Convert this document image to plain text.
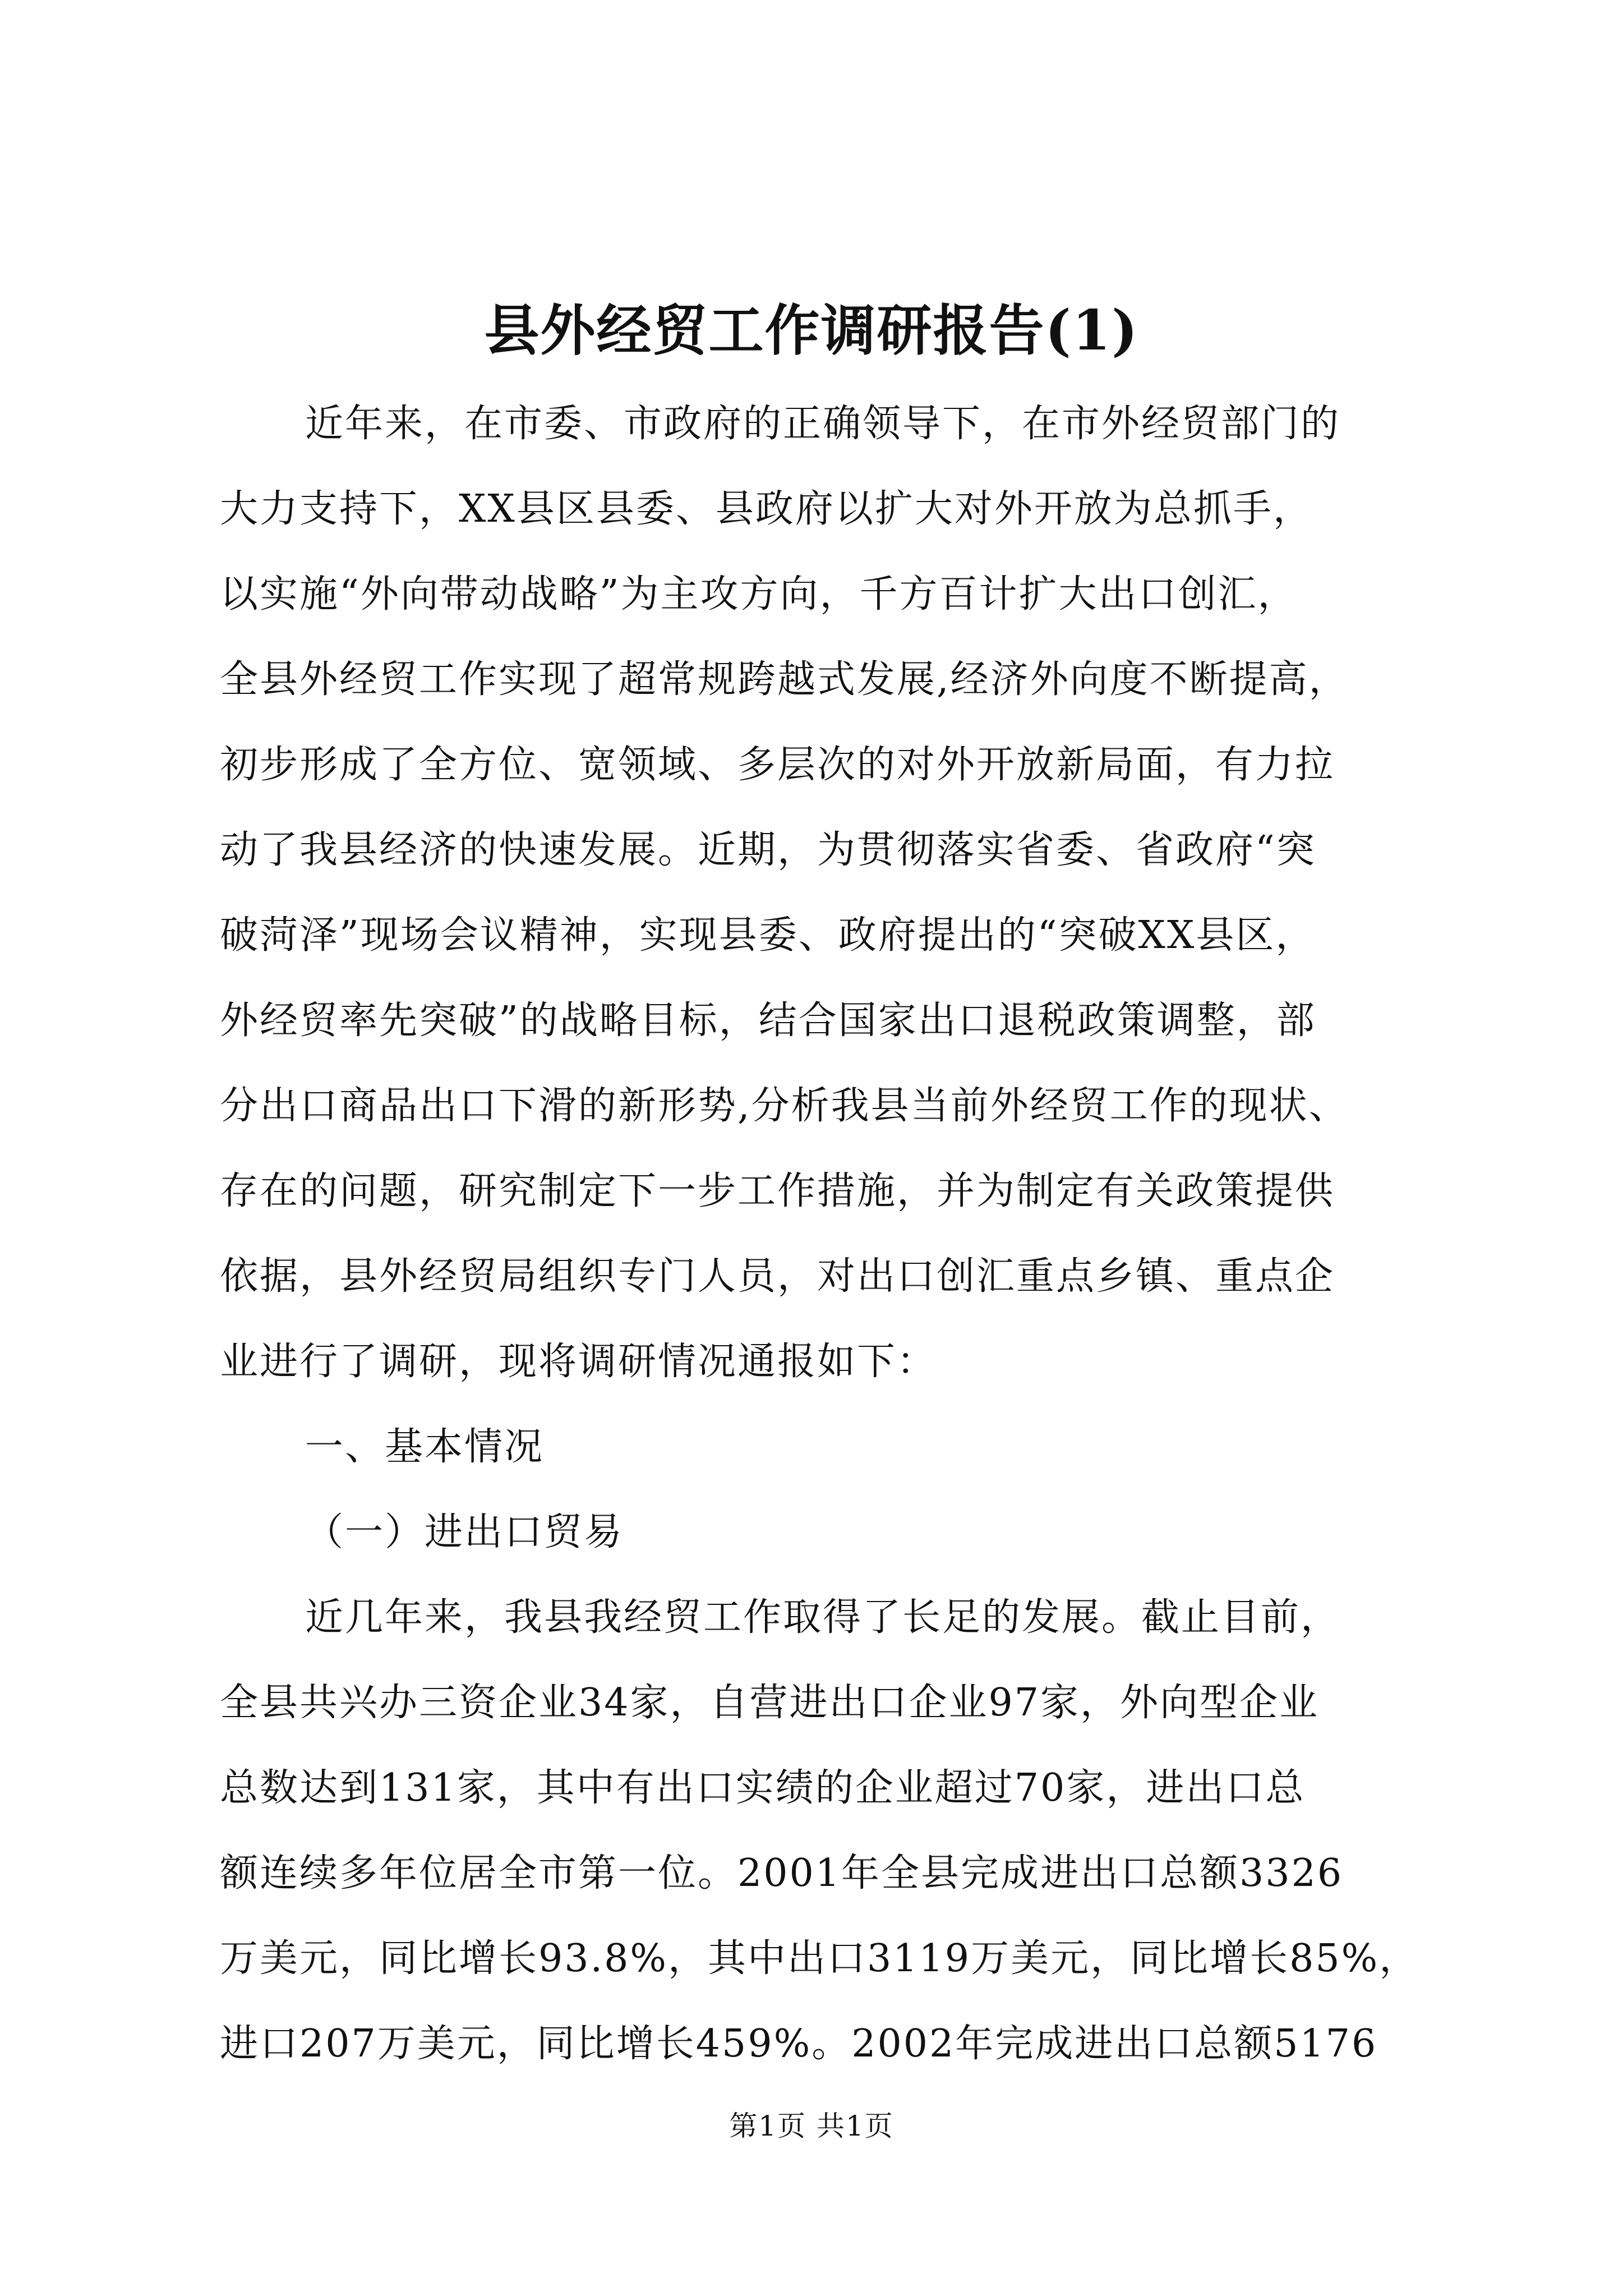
县外经贸工作调研报告(1)
近年来，在市委、市政府的正确领导下，在市外经贸部门的
大力支持下，XX县区县委、县政府以扩大对外开放为总抓手，
以实施“外向带动战略”为主攻方向，千方百计扩大出口创汇，
全县外经贸工作实现了超常规跨越式发展,经济外向度不断提高，
初步形成了全方位、宽领域、多层次的对外开放新局面，有力拉
动了我县经济的快速发展。近期，为贯彻落实省委、省政府“突
破菏泽”现场会议精神，实现县委、政府提出的“突破XX县区，
外经贸率先突破”的战略目标，结合国家出口退税政策调整，部
分出口商品出口下滑的新形势,分析我县当前外经贸工作的现状、
存在的问题，研究制定下一步工作措施，并为制定有关政策提供
依据，县外经贸局组织专门人员，对出口创汇重点乡镇、重点企
业进行了调研，现将调研情况通报如下：
一、基本情况
（一）进出口贸易
近几年来，我县我经贸工作取得了长足的发展。截止目前，
全县共兴办三资企业34家，自营进出口企业97家，外向型企业
总数达到131家，其中有出口实绩的企业超过70家，进出口总
额连续多年位居全市第一位。2001年全县完成进出口总额3326
万美元，同比增长93.8%，其中出口3119万美元，同比增长85%，
进口207万美元，同比增长459%。2002年完成进出口总额5176
第1页 共1页
